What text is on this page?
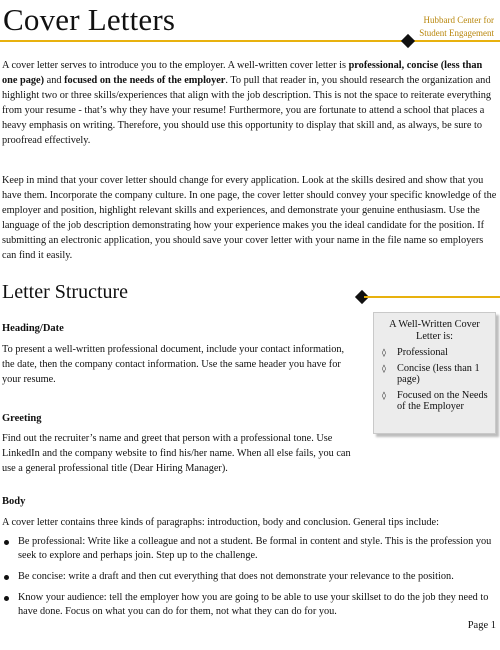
Cover Letters	Hubbard Center for
Student Engagement

A cover letter serves to introduce you to the employer. A well-written cover letter is professional, concise (less than one page) and focused on the needs of the employer. To pull that reader in, you should research the organization and highlight two or three skills/experiences that align with the job description. This is not the space to reiterate everything from your resume - that’s why they have your resume! Furthermore, you are fortunate to attend a school that places a heavy emphasis on writing. Therefore, you should use this opportunity to display that skill and, as always, be sure to proofread effectively.

Keep in mind that your cover letter should change for every application. Look at the skills desired and show that you have them. Incorporate the company culture. In one page, the cover letter should convey your specific knowledge of the employer and position, highlight relevant skills and experiences, and demonstrate your genuine enthusiasm. Use the language of the job description demonstrating how your experience makes you the ideal candidate for the position. If submitting an electronic application, you should save your cover letter with your name in the file name so employers can find it easily.

Letter Structure
Heading/Date

To present a well-written professional document, include your contact information, the date, then the company contact information. Use the same header you have for your resume.

A Well-Written Cover Letter is:
◊ Professional
◊ Concise (less than 1 page)
◊ Focused on the Needs of the Employer
Greeting

Find out the recruiter’s name and greet that person with a professional tone. Use LinkedIn and the company website to find his/her name. When all else fails, you can use a general professional title (Dear Hiring Manager).

Body

A cover letter contains three kinds of paragraphs: introduction, body and conclusion. General tips include:

Be professional: Write like a colleague and not a student. Be formal in content and style. This is the profession you seek to explore and perhaps join. Step up to the challenge.
Be concise: write a draft and then cut everything that does not demonstrate your relevance to the position.
Know your audience: tell the employer how you are going to be able to use your skillset to do the job they need to have done. Focus on what you can do for them, not what they can do for you.
Page 1
